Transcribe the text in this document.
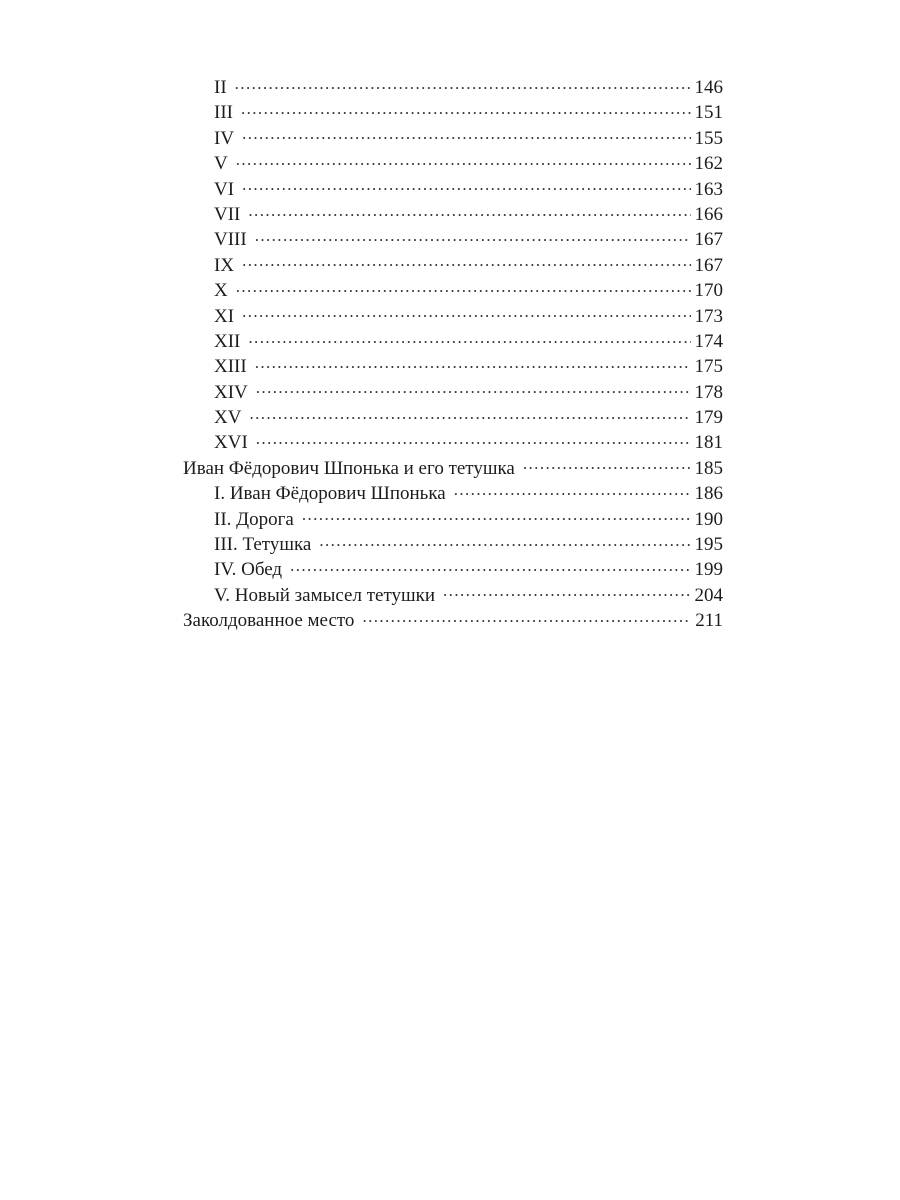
II .....	146
III .....	151
IV .....	155
V .....	162
VI .....	163
VII .....	166
VIII .....	167
IX .....	167
X .....	170
XI .....	173
XII .....	174
XIII .....	175
XIV .....	178
XV .....	179
XVI .....	181
Иван Фёдорович Шпонька и его тетушка .....	185
I. Иван Фёдорович Шпонька .....	186
II. Дорога .....	190
III. Тетушка .....	195
IV. Обед .....	199
V. Новый замысел тетушки .....	204
Заколдованное место .....	211
